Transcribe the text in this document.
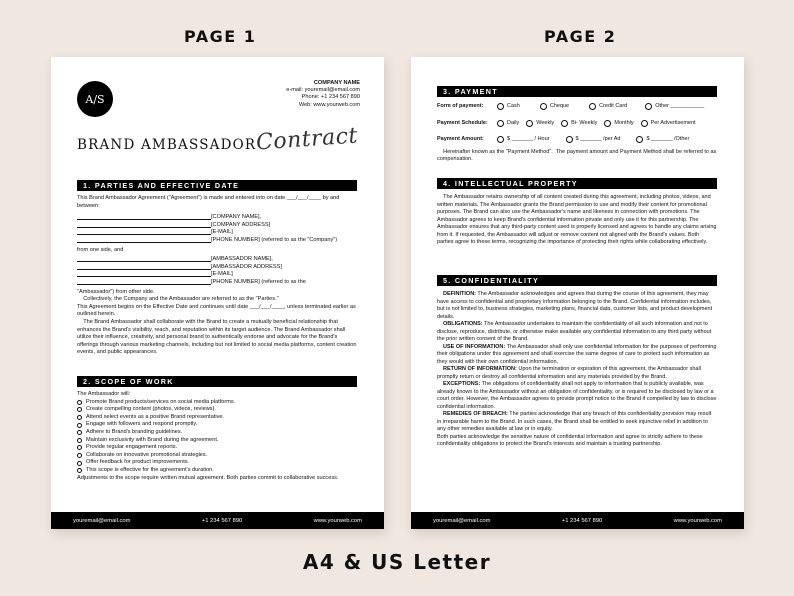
PAGE 1	PAGE 2
A/S
COMPANY NAME
e-mail: youremail@email.com
Phone: +1 234 567 890
Web: www.yourweb.com
BRAND AMBASSADOR
Contract
1. PARTIES AND EFFECTIVE DATE
This Brand Ambassador Agreement ("Agreement") is made and entered into on date ___/___/____ by and between:
[COMPANY NAME],
[COMPANY ADDRESS]
[E-MAIL]
[PHONE NUMBER] (referred to as the "Company")
from one side, and
[AMBASSADOR NAME],
[AMBASSADOR ADDRESS]
[E-MAIL]
[PHONE NUMBER] (referred to as the
"Ambassador") from other side.
Collectively, the Company and the Ambassador are referred to as the "Parties."
This Agreement begins on the Effective Date and continues until date ___/___/____, unless terminated earlier as outlined herein.
The Brand Ambassador shall collaborate with the Brand to create a mutually beneficial relationship that enhances the Brand's visibility, reach, and reputation within its target audience. The Brand Ambassador shall utilize their influence, creativity, and personal brand to authentically endorse and advocate for the Brand's offerings through various marketing channels, including but not limited to social media platforms, content creation events, and public appearances.
2. SCOPE OF WORK
The Ambassador will:
Promote Brand products/services on social media platforms.
Create compelling content (photos, videos, reviews).
Attend select events as a positive Brand representative.
Engage with followers and respond promptly.
Adhere to Brand's branding guidelines.
Maintain exclusivity with Brand during the agreement.
Provide regular engagement reports.
Collaborate on innovative promotional strategies.
Offer feedback for product improvements.
This scope is effective for the agreement's duration.
Adjustments to the scope require written mutual agreement. Both parties commit to collaborative success.
youremail@email.com	+1 234 567 890	www.yourweb.com
3. PAYMENT
Form of payment:	Cash	Cheque	Credit Card	Other ___________
Payment Schedule:	Daily	Weekly	Bi- Weekly	Monthly	Per Advertisement
Payment Amount:	$ _______ / Hour	$ _______ /per Ad	$ _______ /Other
Hereinafter known as the "Payment Method".  The payment amount and Payment Method shall be referred to as compensation.
4. INTELLECTUAL PROPERTY
The Ambassador retains ownership of all content created during this agreement, including photos, videos, and written materials. The Ambassador grants the Brand permission to use and modify their content for promotional purposes. The Brand can also use the Ambassador's name and likeness in connection with promotions. The Ambassador agrees to keep Brand's confidential information private and only use it for this partnership. The Ambassador ensures that any third-party content used is properly licensed and agrees to handle any claims arising from it. If requested, the Ambassador will adjust or remove content not aligned with the Brand's values. Both parties agree to these terms, recognizing the importance of protecting their rights while collaborating effectively.
5. CONFIDENTIALITY
DEFINITION: The Ambassador acknowledges and agrees that during the course of this agreement, they may have access to confidential and proprietary information belonging to the Brand. Confidential information includes, but is not limited to, business strategies, marketing plans, financial data, customer lists, and product development details.
OBLIGATIONS: The Ambassador undertakes to maintain the confidentiality of all such information and not to disclose, reproduce, distribute, or otherwise make available any confidential information to any third party without the prior written consent of the Brand.
USE OF INFORMATION: The Ambassador shall only use confidential information for the purposes of performing their obligations under this agreement and shall exercise the same degree of care to protect such information as they would with their own confidential information.
RETURN OF INFORMATION: Upon the termination or expiration of this agreement, the Ambassador shall promptly return or destroy all confidential information and any materials provided by the Brand.
EXCEPTIONS: The obligations of confidentiality shall not apply to information that is publicly available, was already known to the Ambassador without an obligation of confidentiality, or is required to be disclosed by law or a court order. However, the Ambassador agrees to provide prompt notice to the Brand if compelled by law to disclose confidential information.
REMEDIES OF BREACH: The parties acknowledge that any breach of this confidentiality provision may result in irreparable harm to the Brand. In such cases, the Brand shall be entitled to seek injunctive relief in addition to any other remedies available at law or in equity.
Both parties acknowledge the sensitive nature of confidential information and agree to strictly adhere to these confidentiality obligations to protect the Brand's interests and maintain a trusting partnership.
youremail@email.com	+1 234 567 890	www.yourweb.com
A4 & US Letter
